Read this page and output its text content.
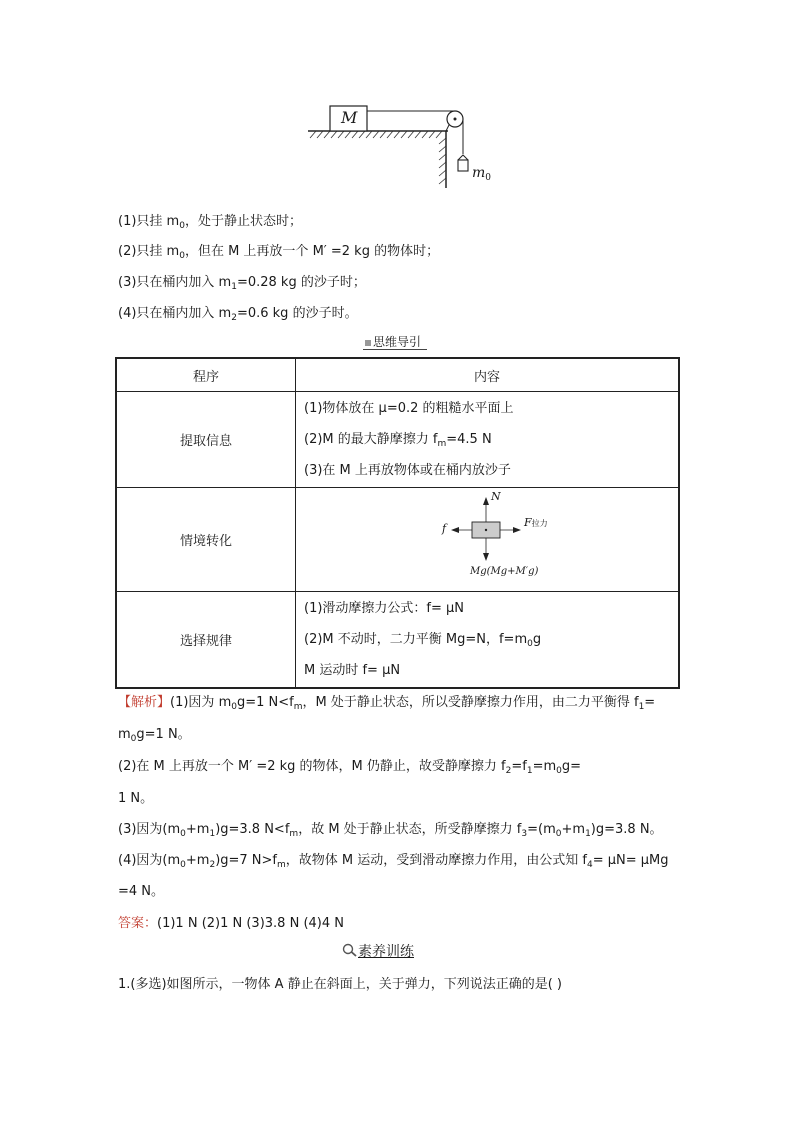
M
$m_0$
(1)只挂 $m_0$，处于静止状态时；
(2)只挂 $m_0$，但在 M 上再放一个 M′ =2 kg 的物体时；
(3)只在桶内加入 $m_1=0.28$ kg 的沙子时；
(4)只在桶内加入 $m_2=0.6$ kg 的沙子时。
思维导引
程序	内容
提取信息	(1)物体放在 μ=0.2 的粗糙水平面上
(2)M 的最大静摩擦力 $f_m=4.5$ N
(3)在 M 上再放物体或在桶内放沙子

情境转化	N
f F拉力
Mg(Mg+M′g)

选择规律	(1)滑动摩擦力公式：f= μN
(2)M 不动时，二力平衡 Mg=N，$f=m_0g$
M 运动时 f= μN
【解析】(1)因为 $m_0g=1$ $N<f_m$，M 处于静止状态，所以受静摩擦力作用，由二力平衡得 $f_1=$
$m_0g=1$ N。
(2)在 M 上再放一个 M′ =2 kg 的物体，M 仍静止，故受静摩擦力 $f_2=f_1=m_0g=$
1 N。
(3)因为$(m_0+m_1)g=3.8$ $N<f_m$，故 M 处于静止状态，所受静摩擦力 $f_3=(m_0+m_1)g=3.8$ N。
(4)因为$(m_0+m_2)g=7$ $N>f_m$，故物体 M 运动，受到滑动摩擦力作用，由公式知 $f_4= \mu N= \mu Mg$
=4 N。
答案：(1)1 N (2)1 N (3)3.8 N (4)4 N
素养训练
1.(多选)如图所示，一物体 A 静止在斜面上，关于弹力，下列说法正确的是( )
